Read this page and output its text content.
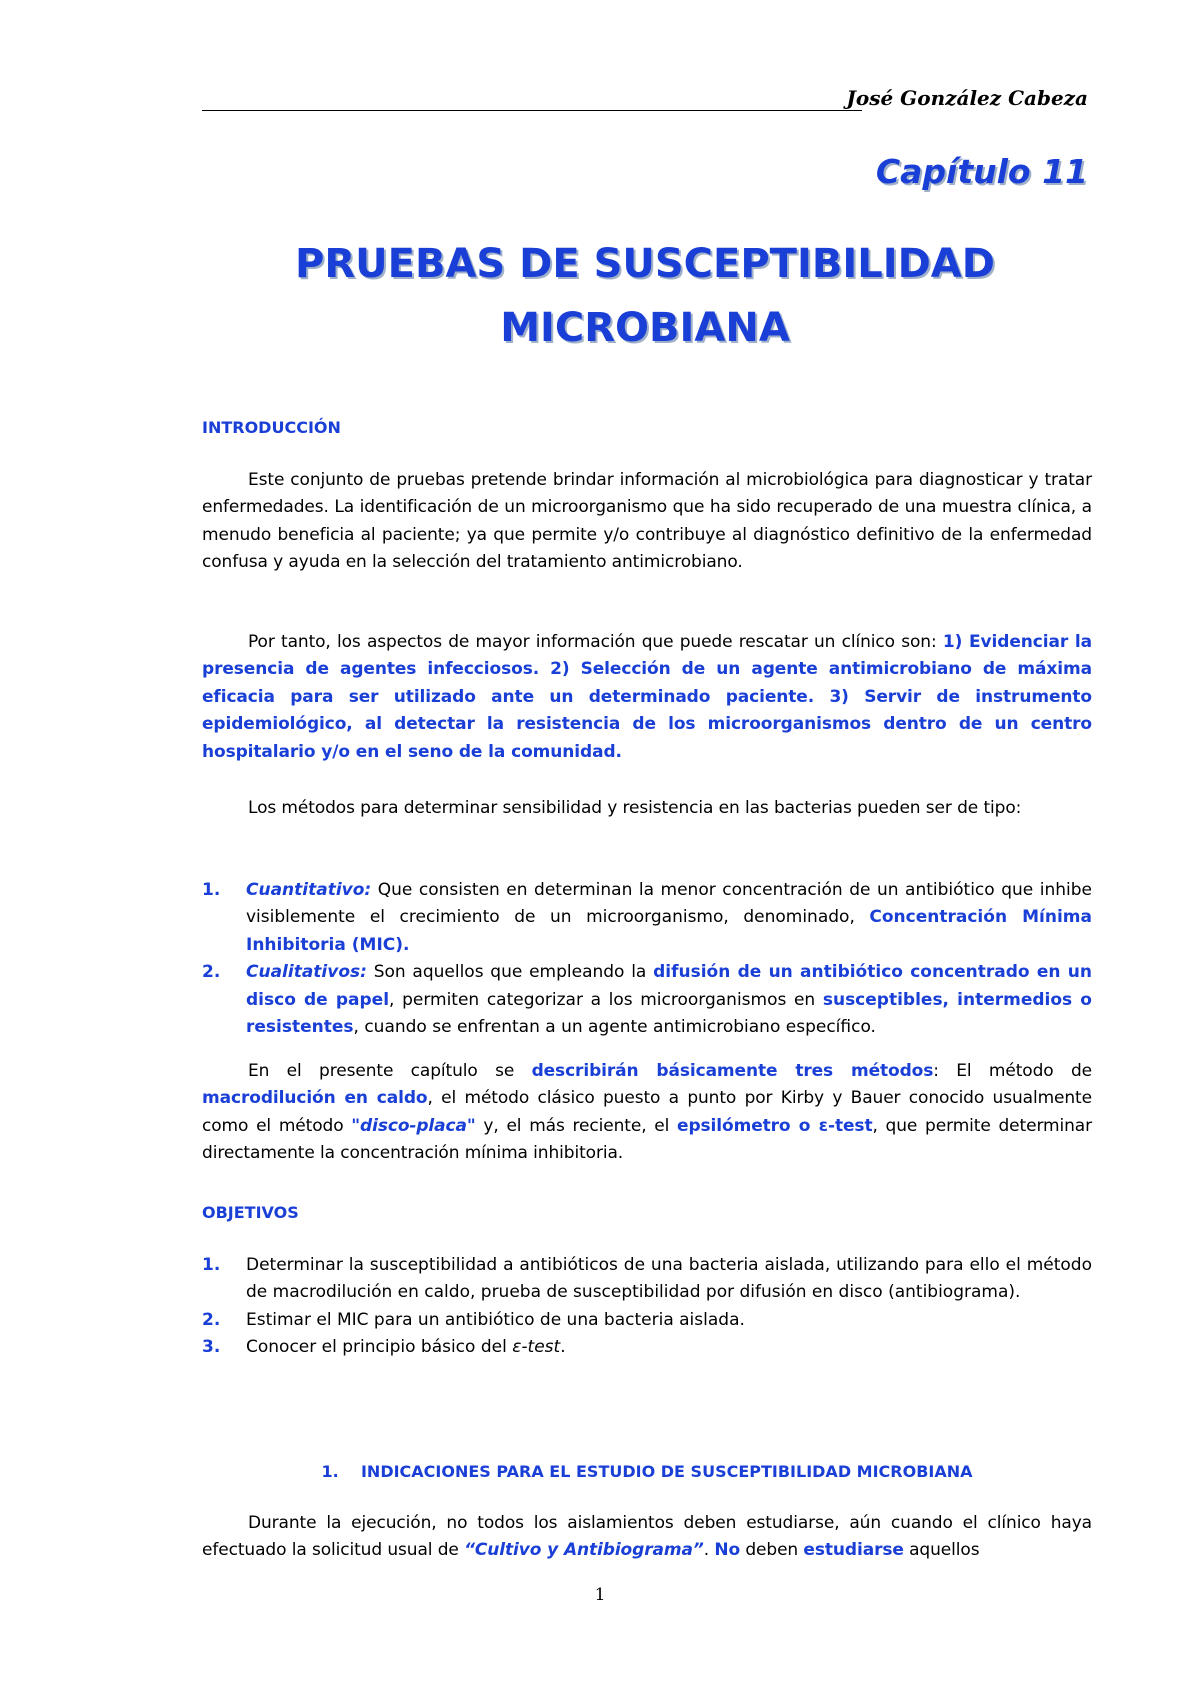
José González Cabeza
Capítulo 11
PRUEBAS DE SUSCEPTIBILIDAD
MICROBIANA
INTRODUCCIÓN
Este conjunto de pruebas pretende brindar información al microbiológica para diagnosticar y tratar enfermedades. La identificación de un microorganismo que ha sido recuperado de una muestra clínica, a menudo beneficia al paciente; ya que permite y/o contribuye al diagnóstico definitivo de la enfermedad confusa y ayuda en la selección del tratamiento antimicrobiano.
Por tanto, los aspectos de mayor información que puede rescatar un clínico son: 1) Evidenciar la presencia de agentes infecciosos. 2) Selección de un agente antimicrobiano de máxima eficacia para ser utilizado ante un determinado paciente. 3) Servir de instrumento epidemiológico, al detectar la resistencia de los microorganismos dentro de un centro hospitalario y/o en el seno de la comunidad.
Los métodos para determinar sensibilidad y resistencia en las bacterias pueden ser de tipo:
1. Cuantitativo: Que consisten en determinan la menor concentración de un antibiótico que inhibe visiblemente el crecimiento de un microorganismo, denominado, Concentración Mínima Inhibitoria (MIC).
2. Cualitativos: Son aquellos que empleando la difusión de un antibiótico concentrado en un disco de papel, permiten categorizar a los microorganismos en susceptibles, intermedios o resistentes, cuando se enfrentan a un agente antimicrobiano específico.
En el presente capítulo se describirán básicamente tres métodos: El método de macrodilución en caldo, el método clásico puesto a punto por Kirby y Bauer conocido usualmente como el método "disco-placa" y, el más reciente, el epsilómetro o ε-test, que permite determinar directamente la concentración mínima inhibitoria.
OBJETIVOS
1. Determinar la susceptibilidad a antibióticos de una bacteria aislada, utilizando para ello el método de macrodilución en caldo, prueba de susceptibilidad por difusión en disco (antibiograma).
2. Estimar el MIC para un antibiótico de una bacteria aislada.
3. Conocer el principio básico del ε-test.
1.    INDICACIONES PARA EL ESTUDIO DE SUSCEPTIBILIDAD MICROBIANA
Durante la ejecución, no todos los aislamientos deben estudiarse, aún cuando el clínico haya efectuado la solicitud usual de “Cultivo y Antibiograma”. No deben estudiarse aquellos
1
